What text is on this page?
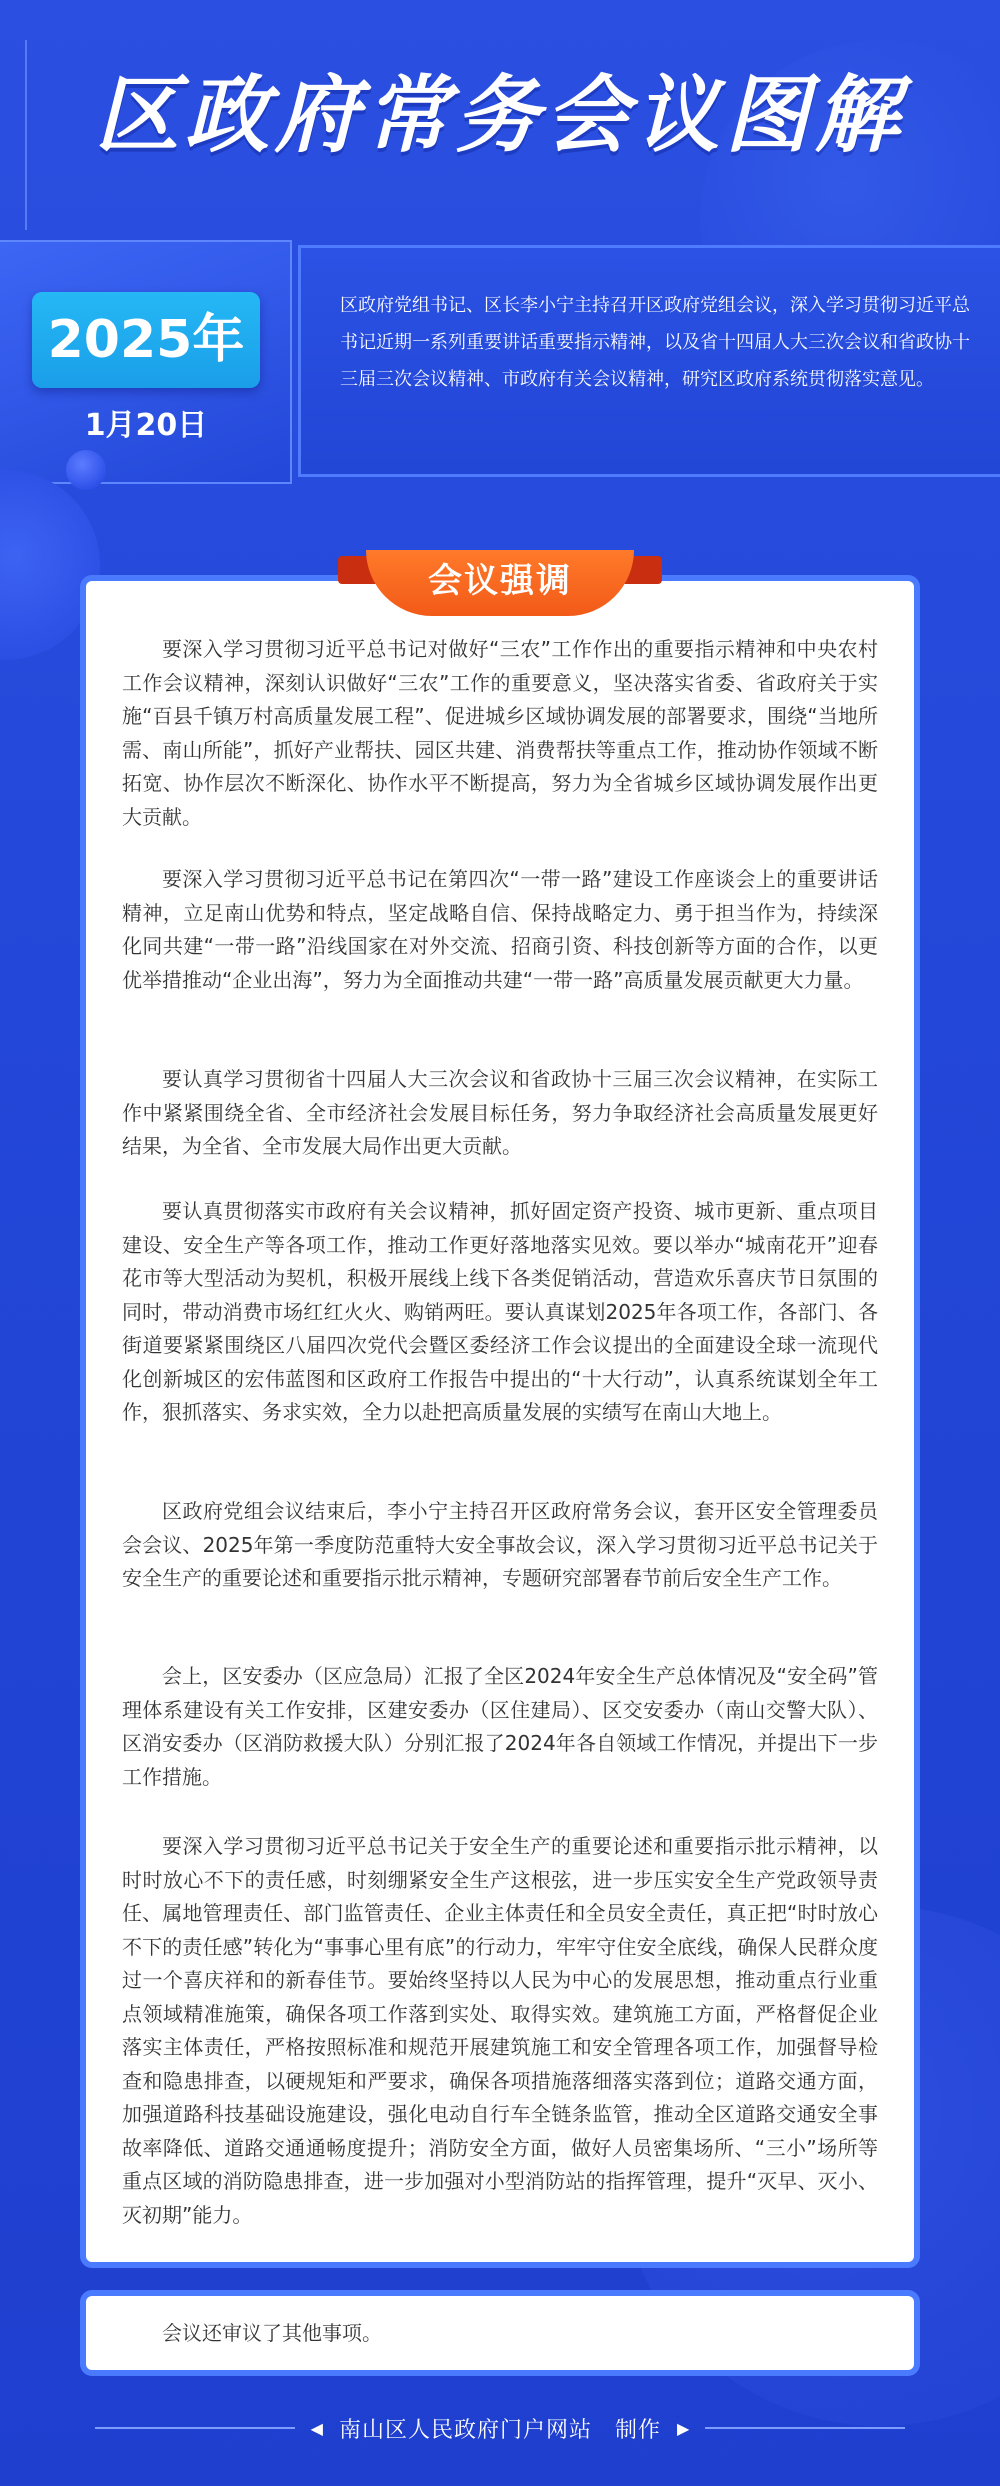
区政府常务会议图解
2025年
1月20日
区政府党组书记、区长李小宁主持召开区政府党组会议，深入学习贯彻习近平总书记近期一系列重要讲话重要指示精神，以及省十四届人大三次会议和省政协十三届三次会议精神、市政府有关会议精神，研究区政府系统贯彻落实意见。
会议强调

要深入学习贯彻习近平总书记对做好“三农”工作作出的重要指示精神和中央农村工作会议精神，深刻认识做好“三农”工作的重要意义，坚决落实省委、省政府关于实施“百县千镇万村高质量发展工程”、促进城乡区域协调发展的部署要求，围绕“当地所需、南山所能”，抓好产业帮扶、园区共建、消费帮扶等重点工作，推动协作领域不断拓宽、协作层次不断深化、协作水平不断提高，努力为全省城乡区域协调发展作出更大贡献。

要深入学习贯彻习近平总书记在第四次“一带一路”建设工作座谈会上的重要讲话精神，立足南山优势和特点，坚定战略自信、保持战略定力、勇于担当作为，持续深化同共建“一带一路”沿线国家在对外交流、招商引资、科技创新等方面的合作，以更优举措推动“企业出海”，努力为全面推动共建“一带一路”高质量发展贡献更大力量。

要认真学习贯彻省十四届人大三次会议和省政协十三届三次会议精神，在实际工作中紧紧围绕全省、全市经济社会发展目标任务，努力争取经济社会高质量发展更好结果，为全省、全市发展大局作出更大贡献。

要认真贯彻落实市政府有关会议精神，抓好固定资产投资、城市更新、重点项目建设、安全生产等各项工作，推动工作更好落地落实见效。要以举办“城南花开”迎春花市等大型活动为契机，积极开展线上线下各类促销活动，营造欢乐喜庆节日氛围的同时，带动消费市场红红火火、购销两旺。要认真谋划2025年各项工作，各部门、各街道要紧紧围绕区八届四次党代会暨区委经济工作会议提出的全面建设全球一流现代化创新城区的宏伟蓝图和区政府工作报告中提出的“十大行动”，认真系统谋划全年工作，狠抓落实、务求实效，全力以赴把高质量发展的实绩写在南山大地上。

区政府党组会议结束后，李小宁主持召开区政府常务会议，套开区安全管理委员会会议、2025年第一季度防范重特大安全事故会议，深入学习贯彻习近平总书记关于安全生产的重要论述和重要指示批示精神，专题研究部署春节前后安全生产工作。

会上，区安委办（区应急局）汇报了全区2024年安全生产总体情况及“安全码”管理体系建设有关工作安排，区建安委办（区住建局）、区交安委办（南山交警大队）、区消安委办（区消防救援大队）分别汇报了2024年各自领域工作情况，并提出下一步工作措施。

要深入学习贯彻习近平总书记关于安全生产的重要论述和重要指示批示精神，以时时放心不下的责任感，时刻绷紧安全生产这根弦，进一步压实安全生产党政领导责任、属地管理责任、部门监管责任、企业主体责任和全员安全责任，真正把“时时放心不下的责任感”转化为“事事心里有底”的行动力，牢牢守住安全底线，确保人民群众度过一个喜庆祥和的新春佳节。要始终坚持以人民为中心的发展思想，推动重点行业重点领域精准施策，确保各项工作落到实处、取得实效。建筑施工方面，严格督促企业落实主体责任，严格按照标准和规范开展建筑施工和安全管理各项工作，加强督导检查和隐患排查，以硬规矩和严要求，确保各项措施落细落实落到位；道路交通方面，加强道路科技基础设施建设，强化电动自行车全链条监管，推动全区道路交通安全事故率降低、道路交通通畅度提升；消防安全方面，做好人员密集场所、“三小”场所等重点区域的消防隐患排查，进一步加强对小型消防站的指挥管理，提升“灭早、灭小、灭初期”能力。

会议还审议了其他事项。

◀ 南山区人民政府门户网站　制作 ▶
